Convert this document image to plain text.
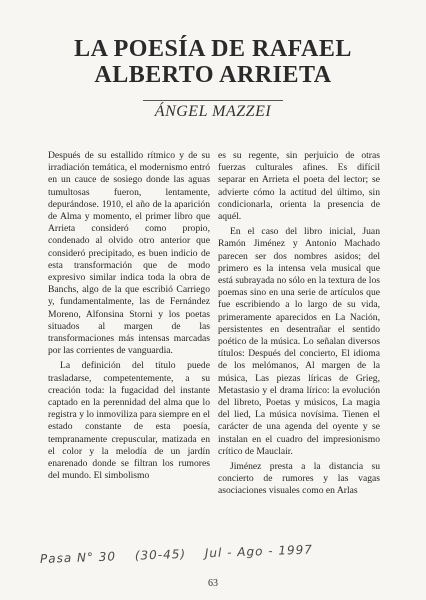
LA POESÍA DE RAFAEL
ALBERTO ARRIETA
ÁNGEL MAZZEI

Después de su estallido rítmico y de su irradiación temática, el modernismo entró en un cauce de sosiego donde las aguas tumultosas fueron, lentamente, depurándose. 1910, el año de la aparición de Alma y momento, el primer libro que Arrieta consideró como propio, condenado al olvido otro anterior que consideró precipitado, es buen indicio de esta transformación que de modo expresivo similar indica toda la obra de Banchs, algo de la que escribió Carriego y, fundamentalmente, las de Fernández Moreno, Alfonsina Storni y los poetas situados al margen de las transformaciones más intensas marcadas por las corrientes de vanguardia.

La definición del título puede trasladarse, competentemente, a su creación toda: la fugacidad del instante captado en la perennidad del alma que lo registra y lo inmoviliza para siempre en el estado constante de esta poesía, tempranamente crepuscular, matizada en el color y la melodía de un jardín enarenado donde se filtran los rumores del mundo. El simbolismo

es su regente, sin perjuicio de otras fuerzas culturales afines. Es difícil separar en Arrieta el poeta del lector; se advierte cómo la actitud del último, sin condicionarla, orienta la presencia de aquél.

En el caso del libro inicial, Juan Ramón Jiménez y Antonio Machado parecen ser dos nombres asidos; del primero es la intensa vela musical que está subrayada no sólo en la textura de los poemas sino en una serie de artículos que fue escribiendo a lo largo de su vida, primeramente aparecidos en La Nación, persistentes en desentrañar el sentido poético de la música. Lo señalan diversos títulos: Después del concierto, El idioma de los melómanos, Al margen de la música, Las piezas líricas de Grieg, Metastasio y el drama lírico: la evolución del libreto, Poetas y músicos, La magia del lied, La música novísima. Tienen el carácter de una agenda del oyente y se instalan en el cuadro del impresionismo crítico de Mauclair.

Jiménez presta a la distancia su concierto de rumores y las vagas asociaciones visuales como en Arlas

Pasa N° 30 (30-45) Jul - Ago - 1997
63
